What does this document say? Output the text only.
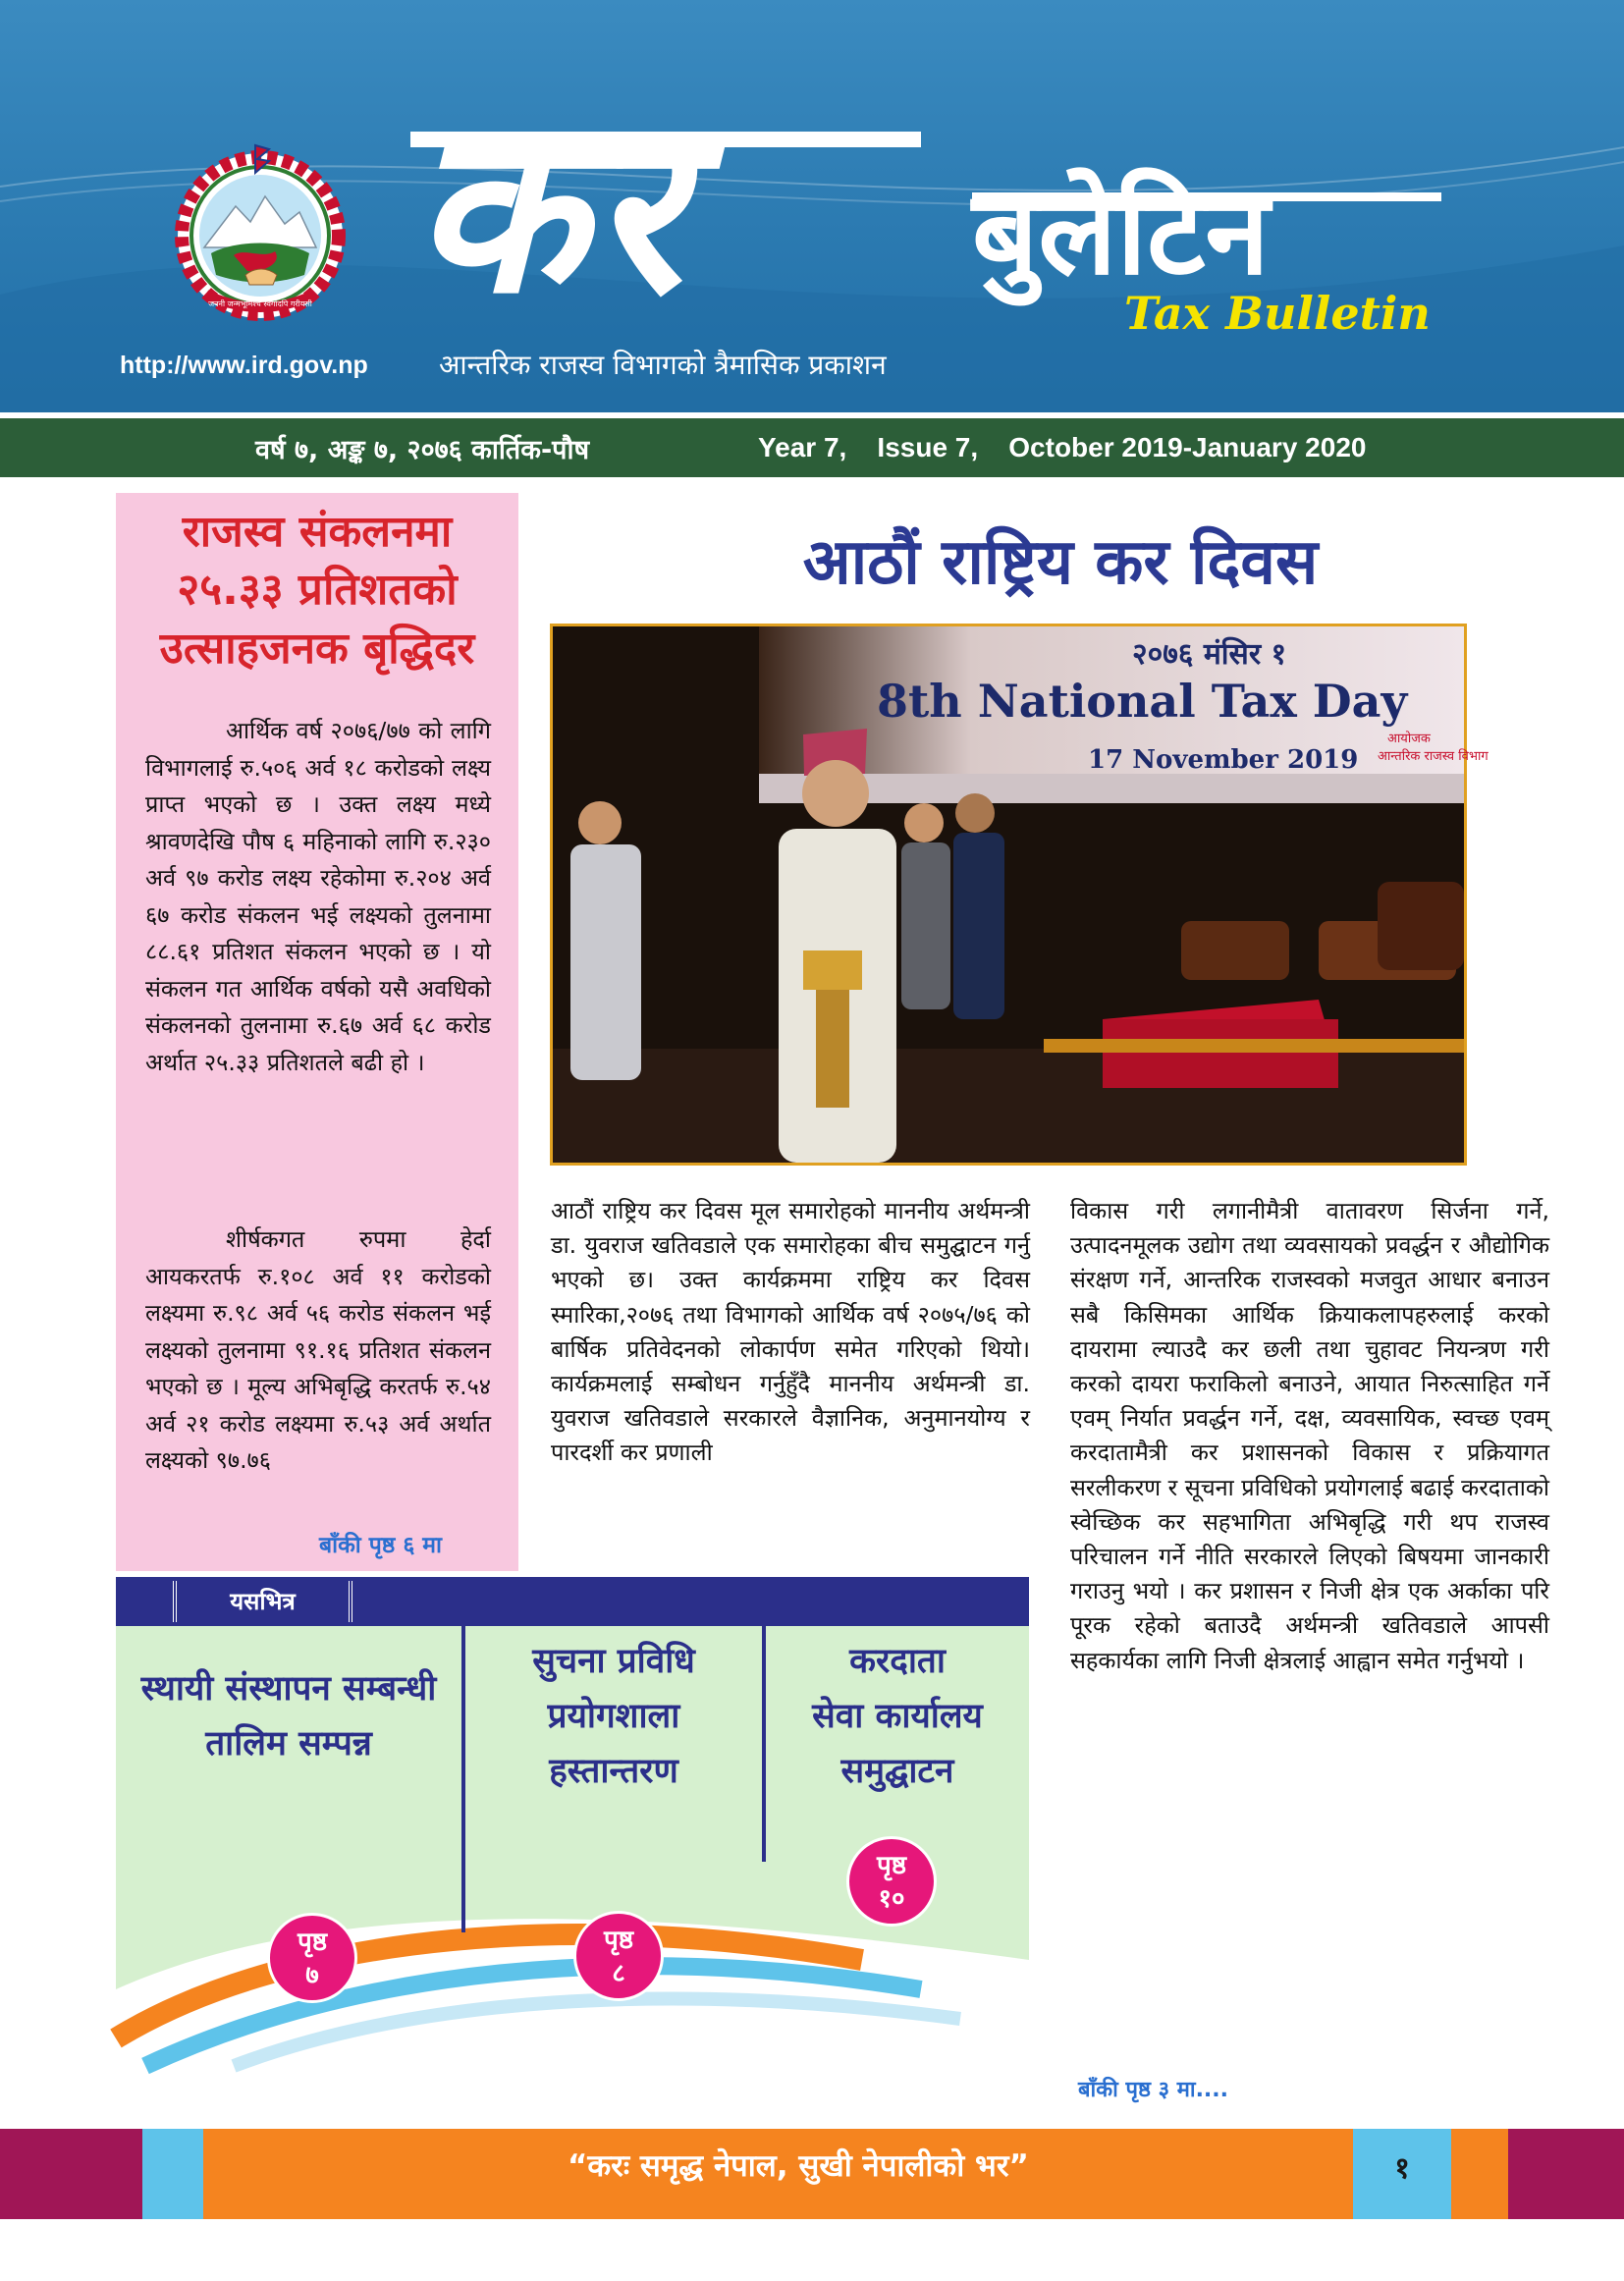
जननी जन्मभूमिश्च स्वर्गादपि गरीयसी कर बुलेटिन
Tax Bulletin
http://www.ird.gov.np	आन्तरिक राजस्व विभागको त्रैमासिक प्रकाशन
वर्ष ७, अङ्क ७, २०७६ कार्तिक-पौष	Year 7,    Issue 7,    October 2019-January 2020
राजस्व संकलनमा
२५.३३ प्रतिशतको
उत्साहजनक बृद्धिदर
आर्थिक वर्ष २०७६/७७ को लागि विभागलाई रु.५०६ अर्व १८ करोडको लक्ष्य प्राप्त भएको छ । उक्त लक्ष्य मध्ये श्रावणदेखि पौष ६ महिनाको लागि रु.२३० अर्व ९७ करोड लक्ष्य रहेकोमा रु.२०४ अर्व ६७ करोड संकलन भई लक्ष्यको तुलनामा ८८.६१ प्रतिशत संकलन भएको छ । यो संकलन गत आर्थिक वर्षको यसै अवधिको संकलनको तुलनामा रु.६७ अर्व ६८ करोड अर्थात २५.३३ प्रतिशतले बढी हो ।
शीर्षकगत रुपमा हेर्दा आयकरतर्फ रु.१०८ अर्व ११ करोडको लक्ष्यमा रु.९८ अर्व ५६ करोड संकलन भई लक्ष्यको तुलनामा ९१.१६ प्रतिशत संकलन भएको छ । मूल्य अभिबृद्धि करतर्फ रु.५४ अर्व २१ करोड लक्ष्यमा रु.५३ अर्व अर्थात लक्ष्यको ९७.७६
बाँकी पृष्ठ ६ मा
आठौं राष्ट्रिय कर दिवस
२०७६ मंसिर १
8th National Tax Day
17 November 2019
आयोजक
आन्तरिक राजस्व विभाग
आठौं राष्ट्रिय कर दिवस मूल समारोहको माननीय अर्थमन्त्री डा. युवराज खतिवडाले एक समारोहका बीच समुद्घाटन गर्नु भएको छ। उक्त कार्यक्रममा राष्ट्रिय कर दिवस स्मारिका,२०७६ तथा विभागको आर्थिक वर्ष २०७५/७६ को बार्षिक प्रतिवेदनको लोकार्पण समेत गरिएको थियो। कार्यक्रमलाई सम्बोधन गर्नुहुँदै माननीय अर्थमन्त्री डा. युवराज खतिवडाले सरकारले वैज्ञानिक, अनुमानयोग्य र पारदर्शी कर प्रणाली
विकास गरी लगानीमैत्री वातावरण सिर्जना गर्ने, उत्पादनमूलक उद्योग तथा व्यवसायको प्रवर्द्धन र औद्योगिक संरक्षण गर्ने, आन्तरिक राजस्वको मजवुत आधार बनाउन सबै किसिमका आर्थिक क्रियाकलापहरुलाई करको दायरामा ल्याउदै कर छली तथा चुहावट नियन्त्रण गरी करको दायरा फराकिलो बनाउने, आयात निरुत्साहित गर्ने एवम् निर्यात प्रवर्द्धन गर्ने, दक्ष, व्यवसायिक, स्वच्छ एवम् करदातामैत्री कर प्रशासनको विकास र प्रक्रियागत सरलीकरण र सूचना प्रविधिको प्रयोगलाई बढाई करदाताको स्वेच्छिक कर सहभागिता अभिबृद्धि गरी थप राजस्व परिचालन गर्ने नीति सरकारले लिएको बिषयमा जानकारी गराउनु भयो । कर प्रशासन र निजी क्षेत्र एक अर्काका परि पूरक रहेको बताउदै अर्थमन्त्री खतिवडाले आपसी सहकार्यका लागि निजी क्षेत्रलाई आह्वान समेत गर्नुभयो ।
बाँकी पृष्ठ ३ मा....
यसभित्र
स्थायी संस्थापन सम्बन्धी
तालिम सम्पन्न
सुचना प्रविधि
प्रयोगशाला
हस्तान्तरण
करदाता
सेवा कार्यालय
समुद्घाटन
पृष्ठ
७
पृष्ठ
८
पृष्ठ
१०
“करः समृद्ध नेपाल, सुखी नेपालीको भर”	१
